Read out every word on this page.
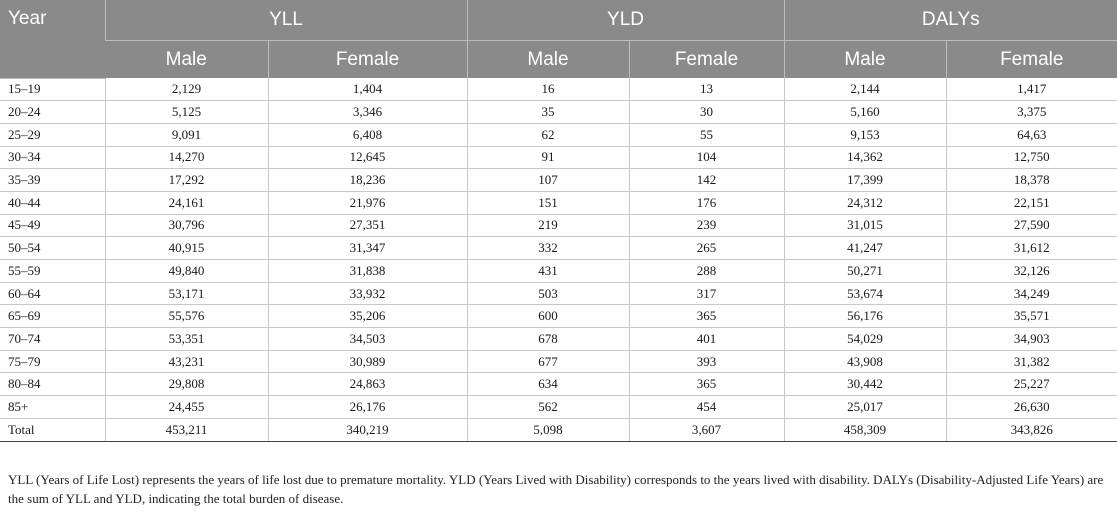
Year	YLL		YLD		DALYs	
	Male	Female	Male	Female	Male	Female
15–19	2,129	1,404	16	13	2,144	1,417
20–24	5,125	3,346	35	30	5,160	3,375
25–29	9,091	6,408	62	55	9,153	64,63
30–34	14,270	12,645	91	104	14,362	12,750
35–39	17,292	18,236	107	142	17,399	18,378
40–44	24,161	21,976	151	176	24,312	22,151
45–49	30,796	27,351	219	239	31,015	27,590
50–54	40,915	31,347	332	265	41,247	31,612
55–59	49,840	31,838	431	288	50,271	32,126
60–64	53,171	33,932	503	317	53,674	34,249
65–69	55,576	35,206	600	365	56,176	35,571
70–74	53,351	34,503	678	401	54,029	34,903
75–79	43,231	30,989	677	393	43,908	31,382
80–84	29,808	24,863	634	365	30,442	25,227
85+	24,455	26,176	562	454	25,017	26,630
Total	453,211	340,219	5,098	3,607	458,309	343,826

YLL (Years of Life Lost) represents the years of life lost due to premature mortality. YLD (Years Lived with Disability) corresponds to the years lived with disability. DALYs (Disability-Adjusted Life Years) are the sum of YLL and YLD, indicating the total burden of disease.
